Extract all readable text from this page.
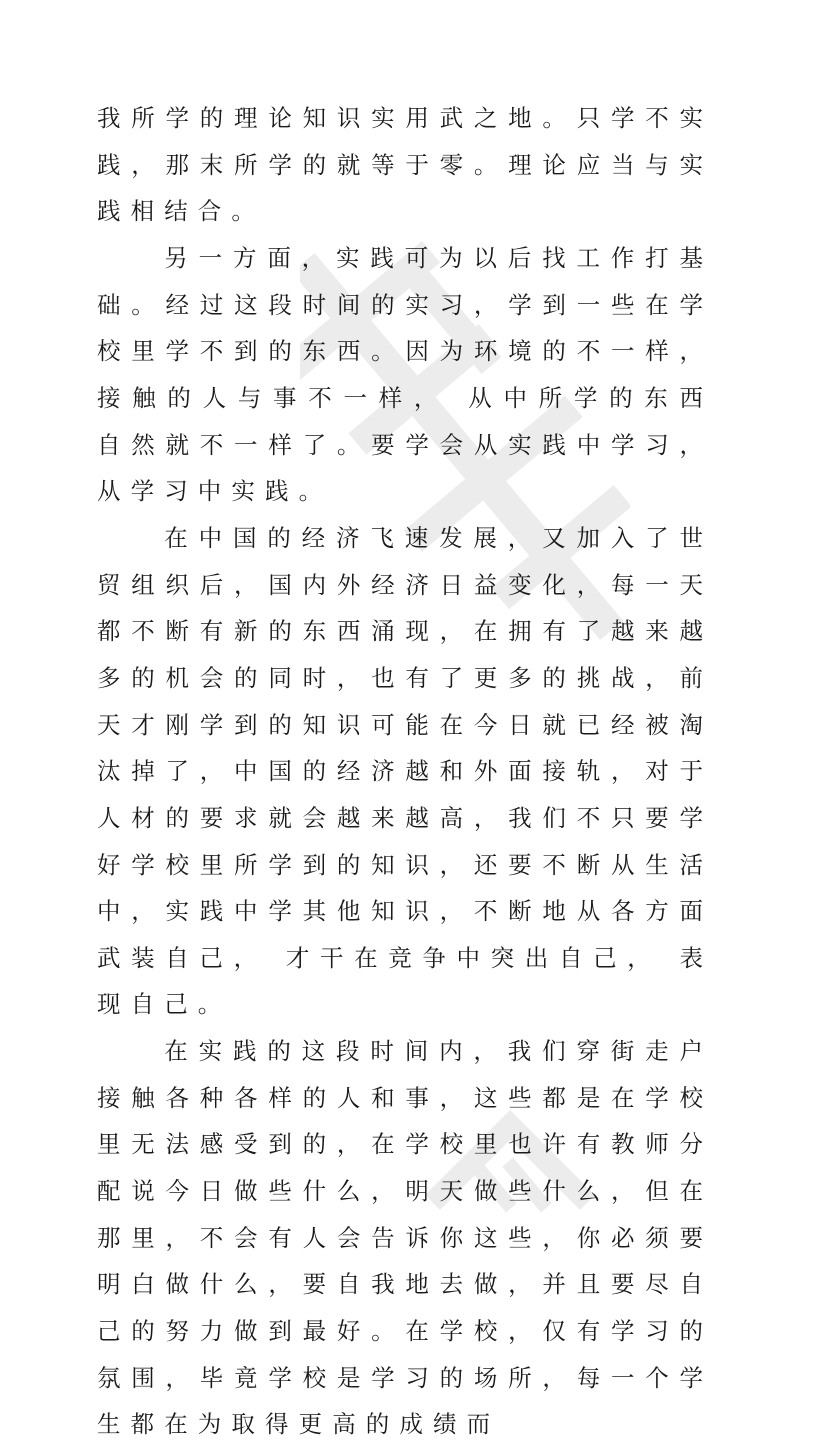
我所学的理论知识实用武之地。只学不实践，那末所学的就等于零。理论应当与实践相结合。

另一方面，实践可为以后找工作打基础。经过这段时间的实习，学到一些在学校里学不到的东西。因为环境的不一样，接触的人与事不一样， 从中所学的东西自然就不一样了。要学会从实践中学习，从学习中实践。

在中国的经济飞速发展，又加入了世贸组织后，国内外经济日益变化，每一天都不断有新的东西涌现，在拥有了越来越多的机会的同时，也有了更多的挑战，前天才刚学到的知识可能在今日就已经被淘汰掉了，中国的经济越和外面接轨，对于人材的要求就会越来越高，我们不只要学好学校里所学到的知识，还要不断从生活中，实践中学其他知识，不断地从各方面武装自己， 才干在竞争中突出自己， 表现自己。

在实践的这段时间内，我们穿街走户接触各种各样的人和事，这些都是在学校里无法感受到的，在学校里也许有教师分配说今日做些什么，明天做些什么，但在那里，不会有人会告诉你这些，你必须要明白做什么，要自我地去做，并且要尽自己的努力做到最好。在学校，仅有学习的氛围，毕竟学校是学习的场所，每一个学生都在为取得更高的成绩而
